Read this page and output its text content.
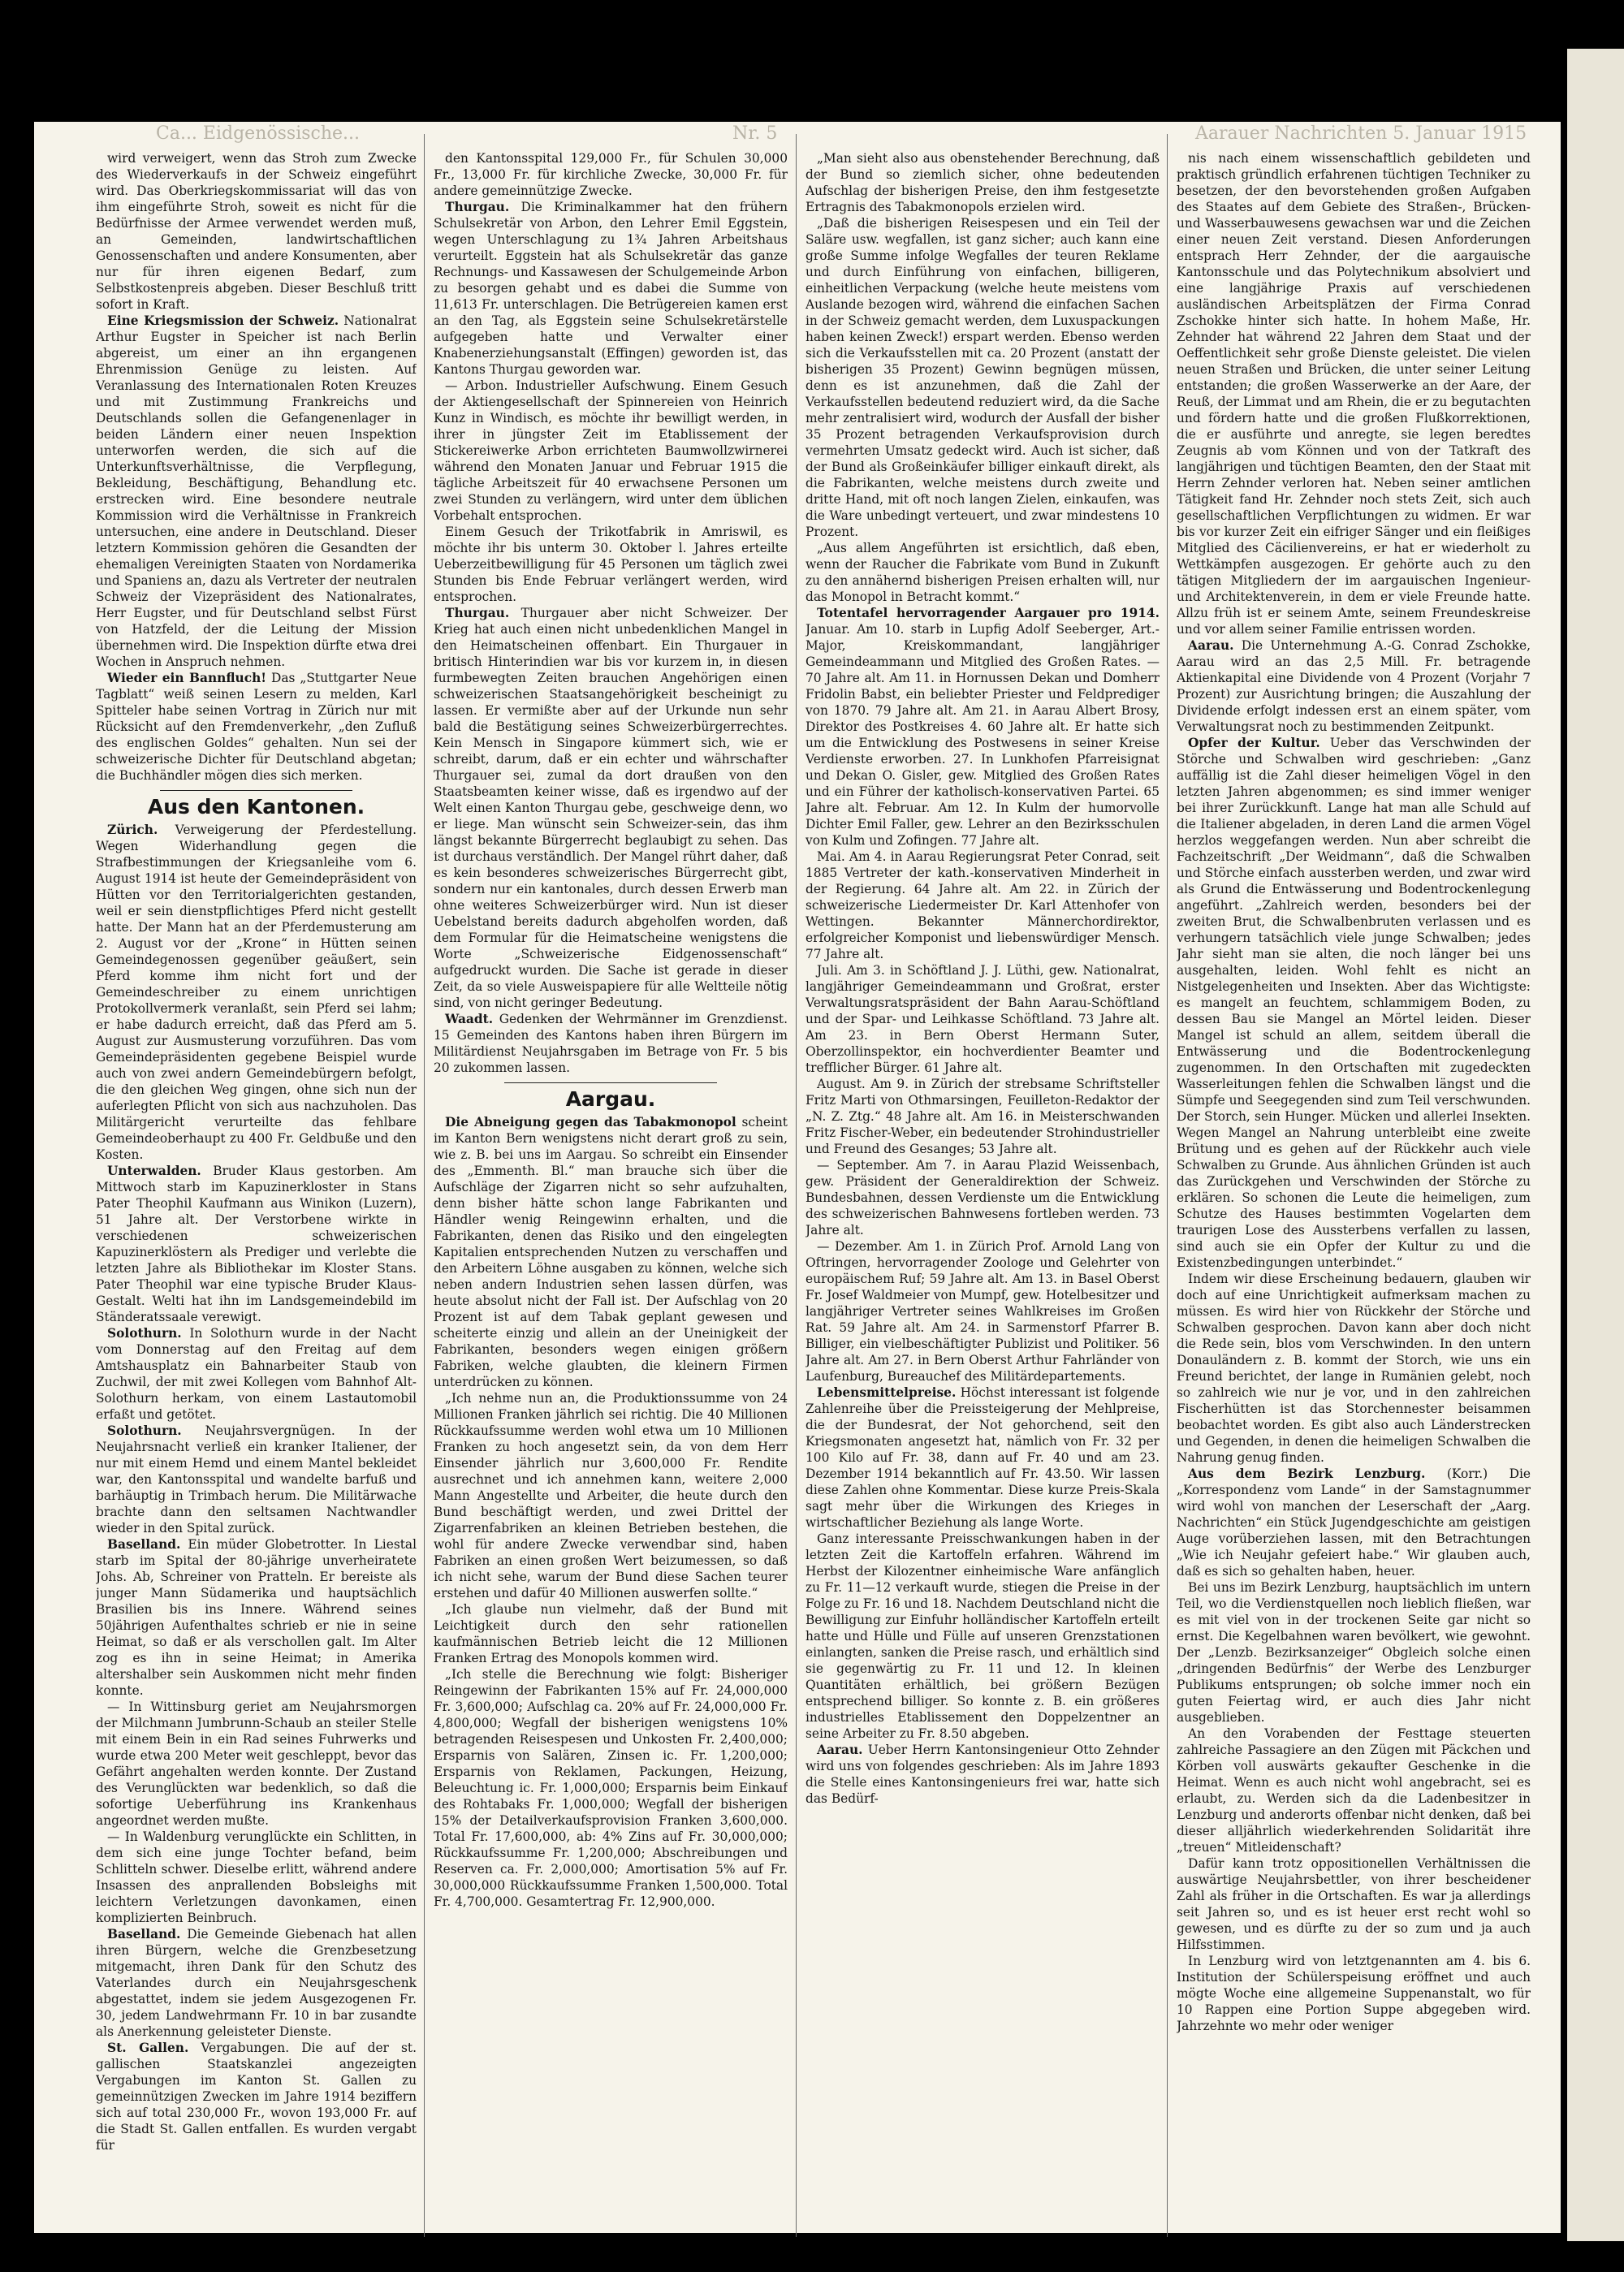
Ca... Eidgenössische...	Nr. 5	Aarauer Nachrichten 5. Januar 1915

wird verweigert, wenn das Stroh zum Zwecke des Wiederverkaufs in der Schweiz eingeführt wird. Das Oberkriegskommissariat will das von ihm eingeführte Stroh, soweit es nicht für die Bedürfnisse der Armee verwendet werden muß, an Gemeinden, landwirtschaftlichen Genossenschaften und andere Konsumenten, aber nur für ihren eigenen Bedarf, zum Selbstkostenpreis abgeben. Dieser Beschluß tritt sofort in Kraft.

Eine Kriegsmission der Schweiz. Nationalrat Arthur Eugster in Speicher ist nach Berlin abgereist, um einer an ihn ergangenen Ehrenmission Genüge zu leisten. Auf Veranlassung des Internationalen Roten Kreuzes und mit Zustimmung Frankreichs und Deutschlands sollen die Gefangenenlager in beiden Ländern einer neuen Inspektion unterworfen werden, die sich auf die Unterkunftsverhältnisse, die Verpflegung, Bekleidung, Beschäftigung, Behandlung etc. erstrecken wird. Eine besondere neutrale Kommission wird die Verhältnisse in Frankreich untersuchen, eine andere in Deutschland. Dieser letztern Kommission gehören die Gesandten der ehemaligen Vereinigten Staaten von Nordamerika und Spaniens an, dazu als Vertreter der neutralen Schweiz der Vizepräsident des Nationalrates, Herr Eugster, und für Deutschland selbst Fürst von Hatzfeld, der die Leitung der Mission übernehmen wird. Die Inspektion dürfte etwa drei Wochen in Anspruch nehmen.

Wieder ein Bannfluch! Das „Stuttgarter Neue Tagblatt“ weiß seinen Lesern zu melden, Karl Spitteler habe seinen Vortrag in Zürich nur mit Rücksicht auf den Fremdenverkehr, „den Zufluß des englischen Goldes“ gehalten. Nun sei der schweizerische Dichter für Deutschland abgetan; die Buchhändler mögen dies sich merken.

Aus den Kantonen.

Zürich. Verweigerung der Pferdestellung. Wegen Widerhandlung gegen die Strafbestimmungen der Kriegsanleihe vom 6. August 1914 ist heute der Gemeindepräsident von Hütten vor den Territorialgerichten gestanden, weil er sein dienstpflichtiges Pferd nicht gestellt hatte. Der Mann hat an der Pferdemusterung am 2. August vor der „Krone“ in Hütten seinen Gemeindegenossen gegenüber geäußert, sein Pferd komme ihm nicht fort und der Gemeindeschreiber zu einem unrichtigen Protokollvermerk veranlaßt, sein Pferd sei lahm; er habe dadurch erreicht, daß das Pferd am 5. August zur Ausmusterung vorzuführen. Das vom Gemeindepräsidenten gegebene Beispiel wurde auch von zwei andern Gemeindebürgern befolgt, die den gleichen Weg gingen, ohne sich nun der auferlegten Pflicht von sich aus nachzuholen. Das Militärgericht verurteilte das fehlbare Gemeindeoberhaupt zu 400 Fr. Geldbuße und den Kosten.

Unterwalden. Bruder Klaus gestorben. Am Mittwoch starb im Kapuzinerkloster in Stans Pater Theophil Kaufmann aus Winikon (Luzern), 51 Jahre alt. Der Verstorbene wirkte in verschiedenen schweizerischen Kapuzinerklöstern als Prediger und verlebte die letzten Jahre als Bibliothekar im Kloster Stans. Pater Theophil war eine typische Bruder Klaus-Gestalt. Welti hat ihn im Landsgemeindebild im Ständeratssaale verewigt.

Solothurn. In Solothurn wurde in der Nacht vom Donnerstag auf den Freitag auf dem Amtshausplatz ein Bahnarbeiter Staub von Zuchwil, der mit zwei Kollegen vom Bahnhof Alt-Solothurn herkam, von einem Lastautomobil erfaßt und getötet.

Solothurn. Neujahrsvergnügen. In der Neujahrsnacht verließ ein kranker Italiener, der nur mit einem Hemd und einem Mantel bekleidet war, den Kantonsspital und wandelte barfuß und barhäuptig in Trimbach herum. Die Militärwache brachte dann den seltsamen Nachtwandler wieder in den Spital zurück.

Baselland. Ein müder Globetrotter. In Liestal starb im Spital der 80-jährige unverheiratete Johs. Ab, Schreiner von Pratteln. Er bereiste als junger Mann Südamerika und hauptsächlich Brasilien bis ins Innere. Während seines 50jährigen Aufenthaltes schrieb er nie in seine Heimat, so daß er als verschollen galt. Im Alter zog es ihn in seine Heimat; in Amerika altershalber sein Auskommen nicht mehr finden konnte.

— In Wittinsburg geriet am Neujahrsmorgen der Milchmann Jumbrunn-Schaub an steiler Stelle mit einem Bein in ein Rad seines Fuhrwerks und wurde etwa 200 Meter weit geschleppt, bevor das Gefährt angehalten werden konnte. Der Zustand des Verunglückten war bedenklich, so daß die sofortige Ueberführung ins Krankenhaus angeordnet werden mußte.

— In Waldenburg verunglückte ein Schlitten, in dem sich eine junge Tochter befand, beim Schlitteln schwer. Dieselbe erlitt, während andere Insassen des anprallenden Bobsleighs mit leichtern Verletzungen davonkamen, einen komplizierten Beinbruch.

Baselland. Die Gemeinde Giebenach hat allen ihren Bürgern, welche die Grenzbesetzung mitgemacht, ihren Dank für den Schutz des Vaterlandes durch ein Neujahrsgeschenk abgestattet, indem sie jedem Ausgezogenen Fr. 30, jedem Landwehrmann Fr. 10 in bar zusandte als Anerkennung geleisteter Dienste.

St. Gallen. Vergabungen. Die auf der st. gallischen Staatskanzlei angezeigten Vergabungen im Kanton St. Gallen zu gemeinnützigen Zwecken im Jahre 1914 beziffern sich auf total 230,000 Fr., wovon 193,000 Fr. auf die Stadt St. Gallen entfallen. Es wurden vergabt für

den Kantonsspital 129,000 Fr., für Schulen 30,000 Fr., 13,000 Fr. für kirchliche Zwecke, 30,000 Fr. für andere gemeinnützige Zwecke.

Thurgau. Die Kriminalkammer hat den frühern Schulsekretär von Arbon, den Lehrer Emil Eggstein, wegen Unterschlagung zu 1¾ Jahren Arbeitshaus verurteilt. Eggstein hat als Schulsekretär das ganze Rechnungs- und Kassawesen der Schulgemeinde Arbon zu besorgen gehabt und es dabei die Summe von 11,613 Fr. unterschlagen. Die Betrügereien kamen erst an den Tag, als Eggstein seine Schulsekretärstelle aufgegeben hatte und Verwalter einer Knabenerziehungsanstalt (Effingen) geworden ist, das Kantons Thurgau geworden war.

— Arbon. Industrieller Aufschwung. Einem Gesuch der Aktiengesellschaft der Spinnereien von Heinrich Kunz in Windisch, es möchte ihr bewilligt werden, in ihrer in jüngster Zeit im Etablissement der Stickereiwerke Arbon errichteten Baumwollzwirnerei während den Monaten Januar und Februar 1915 die tägliche Arbeitszeit für 40 erwachsene Personen um zwei Stunden zu verlängern, wird unter dem üblichen Vorbehalt entsprochen.

Einem Gesuch der Trikotfabrik in Amriswil, es möchte ihr bis unterm 30. Oktober l. Jahres erteilte Ueberzeitbewilligung für 45 Personen um täglich zwei Stunden bis Ende Februar verlängert werden, wird entsprochen.

Thurgau. Thurgauer aber nicht Schweizer. Der Krieg hat auch einen nicht unbedenklichen Mangel in den Heimatscheinen offenbart. Ein Thurgauer in britisch Hinterindien war bis vor kurzem in, in diesen furmbewegten Zeiten brauchen Angehörigen einen schweizerischen Staatsangehörigkeit bescheinigt zu lassen. Er vermißte aber auf der Urkunde nun sehr bald die Bestätigung seines Schweizerbürgerrechtes. Kein Mensch in Singapore kümmert sich, wie er schreibt, darum, daß er ein echter und währschafter Thurgauer sei, zumal da dort draußen von den Staatsbeamten keiner wisse, daß es irgendwo auf der Welt einen Kanton Thurgau gebe, geschweige denn, wo er liege. Man wünscht sein Schweizer-sein, das ihm längst bekannte Bürgerrecht beglaubigt zu sehen. Das ist durchaus verständlich. Der Mangel rührt daher, daß es kein besonderes schweizerisches Bürgerrecht gibt, sondern nur ein kantonales, durch dessen Erwerb man ohne weiteres Schweizerbürger wird. Nun ist dieser Uebelstand bereits dadurch abgeholfen worden, daß dem Formular für die Heimatscheine wenigstens die Worte „Schweizerische Eidgenossenschaft“ aufgedruckt wurden. Die Sache ist gerade in dieser Zeit, da so viele Ausweispapiere für alle Weltteile nötig sind, von nicht geringer Bedeutung.

Waadt. Gedenken der Wehrmänner im Grenzdienst. 15 Gemeinden des Kantons haben ihren Bürgern im Militärdienst Neujahrsgaben im Betrage von Fr. 5 bis 20 zukommen lassen.

Aargau.

Die Abneigung gegen das Tabakmonopol scheint im Kanton Bern wenigstens nicht derart groß zu sein, wie z. B. bei uns im Aargau. So schreibt ein Einsender des „Emmenth. Bl.“ man brauche sich über die Aufschläge der Zigarren nicht so sehr aufzuhalten, denn bisher hätte schon lange Fabrikanten und Händler wenig Reingewinn erhalten, und die Fabrikanten, denen das Risiko und den eingelegten Kapitalien entsprechenden Nutzen zu verschaffen und den Arbeitern Löhne ausgaben zu können, welche sich neben andern Industrien sehen lassen dürfen, was heute absolut nicht der Fall ist. Der Aufschlag von 20 Prozent ist auf dem Tabak geplant gewesen und scheiterte einzig und allein an der Uneinigkeit der Fabrikanten, besonders wegen einigen größern Fabriken, welche glaubten, die kleinern Firmen unterdrücken zu können.

„Ich nehme nun an, die Produktionssumme von 24 Millionen Franken jährlich sei richtig. Die 40 Millionen Rückkaufssumme werden wohl etwa um 10 Millionen Franken zu hoch angesetzt sein, da von dem Herr Einsender jährlich nur 3,600,000 Fr. Rendite ausrechnet und ich annehmen kann, weitere 2,000 Mann Angestellte und Arbeiter, die heute durch den Bund beschäftigt werden, und zwei Drittel der Zigarrenfabriken an kleinen Betrieben bestehen, die wohl für andere Zwecke verwendbar sind, haben Fabriken an einen großen Wert beizumessen, so daß ich nicht sehe, warum der Bund diese Sachen teurer erstehen und dafür 40 Millionen auswerfen sollte.“

„Ich glaube nun vielmehr, daß der Bund mit Leichtigkeit durch den sehr rationellen kaufmännischen Betrieb leicht die 12 Millionen Franken Ertrag des Monopols kommen wird.

„Ich stelle die Berechnung wie folgt: Bisheriger Reingewinn der Fabrikanten 15% auf Fr. 24,000,000 Fr. 3,600,000; Aufschlag ca. 20% auf Fr. 24,000,000 Fr. 4,800,000; Wegfall der bisherigen wenigstens 10% betragenden Reisespesen und Unkosten Fr. 2,400,000; Ersparnis von Salären, Zinsen ic. Fr. 1,200,000; Ersparnis von Reklamen, Packungen, Heizung, Beleuchtung ic. Fr. 1,000,000; Ersparnis beim Einkauf des Rohtabaks Fr. 1,000,000; Wegfall der bisherigen 15% der Detailverkaufsprovision Franken 3,600,000. Total Fr. 17,600,000, ab: 4% Zins auf Fr. 30,000,000; Rückkaufssumme Fr. 1,200,000; Abschreibungen und Reserven ca. Fr. 2,000,000; Amortisation 5% auf Fr. 30,000,000 Rückkaufssumme Franken 1,500,000. Total Fr. 4,700,000. Gesamtertrag Fr. 12,900,000.

„Man sieht also aus obenstehender Berechnung, daß der Bund so ziemlich sicher, ohne bedeutenden Aufschlag der bisherigen Preise, den ihm festgesetzte Ertragnis des Tabakmonopols erzielen wird.

„Daß die bisherigen Reisespesen und ein Teil der Saläre usw. wegfallen, ist ganz sicher; auch kann eine große Summe infolge Wegfalles der teuren Reklame und durch Einführung von einfachen, billigeren, einheitlichen Verpackung (welche heute meistens vom Auslande bezogen wird, während die einfachen Sachen in der Schweiz gemacht werden, dem Luxuspackungen haben keinen Zweck!) erspart werden. Ebenso werden sich die Verkaufsstellen mit ca. 20 Prozent (anstatt der bisherigen 35 Prozent) Gewinn begnügen müssen, denn es ist anzunehmen, daß die Zahl der Verkaufsstellen bedeutend reduziert wird, da die Sache mehr zentralisiert wird, wodurch der Ausfall der bisher 35 Prozent betragenden Verkaufsprovision durch vermehrten Umsatz gedeckt wird. Auch ist sicher, daß der Bund als Großeinkäufer billiger einkauft direkt, als die Fabrikanten, welche meistens durch zweite und dritte Hand, mit oft noch langen Zielen, einkaufen, was die Ware unbedingt verteuert, und zwar mindestens 10 Prozent.

„Aus allem Angeführten ist ersichtlich, daß eben, wenn der Raucher die Fabrikate vom Bund in Zukunft zu den annähernd bisherigen Preisen erhalten will, nur das Monopol in Betracht kommt.“

Totentafel hervorragender Aargauer pro 1914. Januar. Am 10. starb in Lupfig Adolf Seeberger, Art.-Major, Kreiskommandant, langjähriger Gemeindeammann und Mitglied des Großen Rates. — 70 Jahre alt. Am 11. in Hornussen Dekan und Domherr Fridolin Babst, ein beliebter Priester und Feldprediger von 1870. 79 Jahre alt. Am 21. in Aarau Albert Brosy, Direktor des Postkreises 4. 60 Jahre alt. Er hatte sich um die Entwicklung des Postwesens in seiner Kreise Verdienste erworben. 27. In Lunkhofen Pfarreisignat und Dekan O. Gisler, gew. Mitglied des Großen Rates und ein Führer der katholisch-konservativen Partei. 65 Jahre alt. Februar. Am 12. In Kulm der humorvolle Dichter Emil Faller, gew. Lehrer an den Bezirksschulen von Kulm und Zofingen. 77 Jahre alt.

Mai. Am 4. in Aarau Regierungsrat Peter Conrad, seit 1885 Vertreter der kath.-konservativen Minderheit in der Regierung. 64 Jahre alt. Am 22. in Zürich der schweizerische Liedermeister Dr. Karl Attenhofer von Wettingen. Bekannter Männerchordirektor, erfolgreicher Komponist und liebenswürdiger Mensch. 77 Jahre alt.

Juli. Am 3. in Schöftland J. J. Lüthi, gew. Nationalrat, langjähriger Gemeindeammann und Großrat, erster Verwaltungsratspräsident der Bahn Aarau-Schöftland und der Spar- und Leihkasse Schöftland. 73 Jahre alt. Am 23. in Bern Oberst Hermann Suter, Oberzollinspektor, ein hochverdienter Beamter und trefflicher Bürger. 61 Jahre alt.

August. Am 9. in Zürich der strebsame Schriftsteller Fritz Marti von Othmarsingen, Feuilleton-Redaktor der „N. Z. Ztg.“ 48 Jahre alt. Am 16. in Meisterschwanden Fritz Fischer-Weber, ein bedeutender Strohindustrieller und Freund des Gesanges; 53 Jahre alt.

— September. Am 7. in Aarau Plazid Weissenbach, gew. Präsident der Generaldirektion der Schweiz. Bundesbahnen, dessen Verdienste um die Entwicklung des schweizerischen Bahnwesens fortleben werden. 73 Jahre alt.

— Dezember. Am 1. in Zürich Prof. Arnold Lang von Oftringen, hervorragender Zoologe und Gelehrter von europäischem Ruf; 59 Jahre alt. Am 13. in Basel Oberst Fr. Josef Waldmeier von Mumpf, gew. Hotelbesitzer und langjähriger Vertreter seines Wahlkreises im Großen Rat. 59 Jahre alt. Am 24. in Sarmenstorf Pfarrer B. Billiger, ein vielbeschäftigter Publizist und Politiker. 56 Jahre alt. Am 27. in Bern Oberst Arthur Fahrländer von Laufenburg, Bureauchef des Militärdepartements.

Lebensmittelpreise. Höchst interessant ist folgende Zahlenreihe über die Preissteigerung der Mehlpreise, die der Bundesrat, der Not gehorchend, seit den Kriegsmonaten angesetzt hat, nämlich von Fr. 32 per 100 Kilo auf Fr. 38, dann auf Fr. 40 und am 23. Dezember 1914 bekanntlich auf Fr. 43.50. Wir lassen diese Zahlen ohne Kommentar. Diese kurze Preis-Skala sagt mehr über die Wirkungen des Krieges in wirtschaftlicher Beziehung als lange Worte.

Ganz interessante Preisschwankungen haben in der letzten Zeit die Kartoffeln erfahren. Während im Herbst der Kilozentner einheimische Ware anfänglich zu Fr. 11—12 verkauft wurde, stiegen die Preise in der Folge zu Fr. 16 und 18. Nachdem Deutschland nicht die Bewilligung zur Einfuhr holländischer Kartoffeln erteilt hatte und Hülle und Fülle auf unseren Grenzstationen einlangten, sanken die Preise rasch, und erhältlich sind sie gegenwärtig zu Fr. 11 und 12. In kleinen Quantitäten erhältlich, bei größern Bezügen entsprechend billiger. So konnte z. B. ein größeres industrielles Etablissement den Doppelzentner an seine Arbeiter zu Fr. 8.50 abgeben.

Aarau. Ueber Herrn Kantonsingenieur Otto Zehnder wird uns von folgendes geschrieben: Als im Jahre 1893 die Stelle eines Kantonsingenieurs frei war, hatte sich das Bedürf-

nis nach einem wissenschaftlich gebildeten und praktisch gründlich erfahrenen tüchtigen Techniker zu besetzen, der den bevorstehenden großen Aufgaben des Staates auf dem Gebiete des Straßen-, Brücken- und Wasserbauwesens gewachsen war und die Zeichen einer neuen Zeit verstand. Diesen Anforderungen entsprach Herr Zehnder, der die aargauische Kantonsschule und das Polytechnikum absolviert und eine langjährige Praxis auf verschiedenen ausländischen Arbeitsplätzen der Firma Conrad Zschokke hinter sich hatte. In hohem Maße, Hr. Zehnder hat während 22 Jahren dem Staat und der Oeffentlichkeit sehr große Dienste geleistet. Die vielen neuen Straßen und Brücken, die unter seiner Leitung entstanden; die großen Wasserwerke an der Aare, der Reuß, der Limmat und am Rhein, die er zu begutachten und fördern hatte und die großen Flußkorrektionen, die er ausführte und anregte, sie legen beredtes Zeugnis ab vom Können und von der Tatkraft des langjährigen und tüchtigen Beamten, den der Staat mit Herrn Zehnder verloren hat. Neben seiner amtlichen Tätigkeit fand Hr. Zehnder noch stets Zeit, sich auch gesellschaftlichen Verpflichtungen zu widmen. Er war bis vor kurzer Zeit ein eifriger Sänger und ein fleißiges Mitglied des Cäcilienvereins, er hat er wiederholt zu Wettkämpfen ausgezogen. Er gehörte auch zu den tätigen Mitgliedern der im aargauischen Ingenieur- und Architektenverein, in dem er viele Freunde hatte. Allzu früh ist er seinem Amte, seinem Freundeskreise und vor allem seiner Familie entrissen worden.

Aarau. Die Unternehmung A.-G. Conrad Zschokke, Aarau wird an das 2,5 Mill. Fr. betragende Aktienkapital eine Dividende von 4 Prozent (Vorjahr 7 Prozent) zur Ausrichtung bringen; die Auszahlung der Dividende erfolgt indessen erst an einem später, vom Verwaltungsrat noch zu bestimmenden Zeitpunkt.

Opfer der Kultur. Ueber das Verschwinden der Störche und Schwalben wird geschrieben: „Ganz auffällig ist die Zahl dieser heimeligen Vögel in den letzten Jahren abgenommen; es sind immer weniger bei ihrer Zurückkunft. Lange hat man alle Schuld auf die Italiener abgeladen, in deren Land die armen Vögel herzlos weggefangen werden. Nun aber schreibt die Fachzeitschrift „Der Weidmann“, daß die Schwalben und Störche einfach aussterben werden, und zwar wird als Grund die Entwässerung und Bodentrockenlegung angeführt. „Zahlreich werden, besonders bei der zweiten Brut, die Schwalbenbruten verlassen und es verhungern tatsächlich viele junge Schwalben; jedes Jahr sieht man sie alten, die noch länger bei uns ausgehalten, leiden. Wohl fehlt es nicht an Nistgelegenheiten und Insekten. Aber das Wichtigste: es mangelt an feuchtem, schlammigem Boden, zu dessen Bau sie Mangel an Mörtel leiden. Dieser Mangel ist schuld an allem, seitdem überall die Entwässerung und die Bodentrockenlegung zugenommen. In den Ortschaften mit zugedeckten Wasserleitungen fehlen die Schwalben längst und die Sümpfe und Seegegenden sind zum Teil verschwunden. Der Storch, sein Hunger. Mücken und allerlei Insekten. Wegen Mangel an Nahrung unterbleibt eine zweite Brütung und es gehen auf der Rückkehr auch viele Schwalben zu Grunde. Aus ähnlichen Gründen ist auch das Zurückgehen und Verschwinden der Störche zu erklären. So schonen die Leute die heimeligen, zum Schutze des Hauses bestimmten Vogelarten dem traurigen Lose des Aussterbens verfallen zu lassen, sind auch sie ein Opfer der Kultur zu und die Existenzbedingungen unterbindet.“

Indem wir diese Erscheinung bedauern, glauben wir doch auf eine Unrichtigkeit aufmerksam machen zu müssen. Es wird hier von Rückkehr der Störche und Schwalben gesprochen. Davon kann aber doch nicht die Rede sein, blos vom Verschwinden. In den untern Donauländern z. B. kommt der Storch, wie uns ein Freund berichtet, der lange in Rumänien gelebt, noch so zahlreich wie nur je vor, und in den zahlreichen Fischerhütten ist das Storchennester beisammen beobachtet worden. Es gibt also auch Länderstrecken und Gegenden, in denen die heimeligen Schwalben die Nahrung genug finden.

Aus dem Bezirk Lenzburg. (Korr.) Die „Korrespondenz vom Lande“ in der Samstagnummer wird wohl von manchen der Leserschaft der „Aarg. Nachrichten“ ein Stück Jugendgeschichte am geistigen Auge vorüberziehen lassen, mit den Betrachtungen „Wie ich Neujahr gefeiert habe.“ Wir glauben auch, daß es sich so gehalten haben, heuer.

Bei uns im Bezirk Lenzburg, hauptsächlich im untern Teil, wo die Verdienstquellen noch lieblich fließen, war es mit viel von in der trockenen Seite gar nicht so ernst. Die Kegelbahnen waren bevölkert, wie gewohnt. Der „Lenzb. Bezirksanzeiger“ Obgleich solche einen „dringenden Bedürfnis“ der Werbe des Lenzburger Publikums entsprungen; ob solche immer noch ein guten Feiertag wird, er auch dies Jahr nicht ausgeblieben.

An den Vorabenden der Festtage steuerten zahlreiche Passagiere an den Zügen mit Päckchen und Körben voll auswärts gekaufter Geschenke in die Heimat. Wenn es auch nicht wohl angebracht, sei es erlaubt, zu. Werden sich da die Ladenbesitzer in Lenzburg und anderorts offenbar nicht denken, daß bei dieser alljährlich wiederkehrenden Solidarität ihre „treuen“ Mitleidenschaft?

Dafür kann trotz oppositionellen Verhältnissen die auswärtige Neujahrsbettler, von ihrer bescheidener Zahl als früher in die Ortschaften. Es war ja allerdings seit Jahren so, und es ist heuer erst recht wohl so gewesen, und es dürfte zu der so zum und ja auch Hilfsstimmen.

In Lenzburg wird von letztgenannten am 4. bis 6. Institution der Schülerspeisung eröffnet und auch mögte Woche eine allgemeine Suppenanstalt, wo für 10 Rappen eine Portion Suppe abgegeben wird. Jahrzehnte wo mehr oder weniger
